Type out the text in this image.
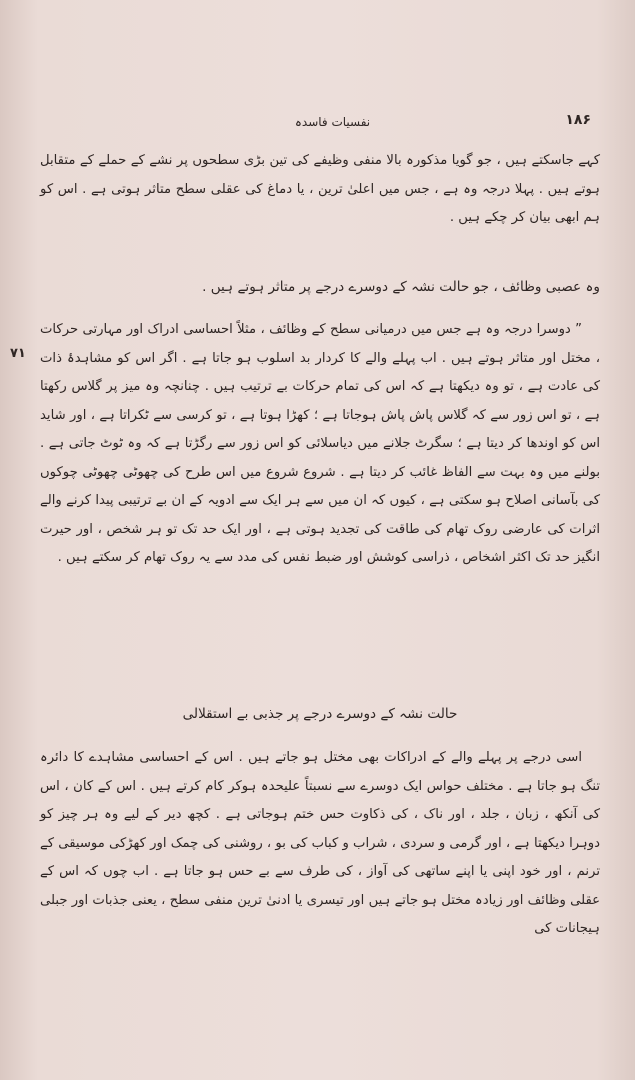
نفسیات فاسدہ	۱۸۶
کہے جاسکتے ہیں ، جو گویا مذکورہ بالا منفی وظیفے کی تین بڑی سطحوں پر نشے کے حملے کے متقابل ہوتے ہیں . پہلا درجہ وہ ہے ، جس میں اعلیٰ ترین ، یا دماغ کی عقلی سطح متاثر ہوتی ہے . اس کو ہم ابھی بیان کر چکے ہیں .
وہ عصبی وظائف ، جو حالت نشہ کے دوسرے درجے پر متاثر ہوتے ہیں .
۷۱
” دوسرا درجہ وہ ہے جس میں درمیانی سطح کے وظائف ، مثلاً احساسی ادراک اور مہارتی حرکات ، مختل اور متاثر ہوتے ہیں . اب پہلے والے کا کردار بد اسلوب ہو جاتا ہے . اگر اس کو مشاہدۂ ذات کی عادت ہے ، تو وہ دیکھتا ہے کہ اس کی تمام حرکات بے ترتیب ہیں . چنانچہ وہ میز پر گلاس رکھتا ہے ، تو اس زور سے کہ گلاس پاش پاش ہوجاتا ہے ؛ کھڑا ہوتا ہے ، تو کرسی سے ٹکراتا ہے ، اور شاید اس کو اوندھا کر دیتا ہے ؛ سگرٹ جلانے میں دیاسلائی کو اس زور سے رگڑتا ہے کہ وہ ٹوٹ جاتی ہے . بولنے میں وہ بہت سے الفاظ غائب کر دیتا ہے . شروع شروع میں اس طرح کی چھوٹی چھوٹی چوکوں کی بآسانی اصلاح ہو سکتی ہے ، کیوں کہ ان میں سے ہر ایک سے ادویہ کے ان بے ترتیبی پیدا کرنے والے اثرات کی عارضی روک تھام کی طاقت کی تجدید ہوتی ہے ، اور ایک حد تک تو ہر شخص ، اور حیرت انگیز حد تک اکثر اشخاص ، ذراسی کوشش اور ضبط نفس کی مدد سے یہ روک تھام کر سکتے ہیں .
حالت نشہ کے دوسرے درجے پر جذبی بے استقلالی
اسی درجے پر پہلے والے کے ادراکات بھی مختل ہو جاتے ہیں . اس کے احساسی مشاہدے کا دائرہ تنگ ہو جاتا ہے . مختلف حواس ایک دوسرے سے نسبتاً علیحدہ ہوکر کام کرتے ہیں . اس کے کان ، اس کی آنکھ ، زبان ، جلد ، اور ناک ، کی ذکاوت حس ختم ہوجاتی ہے . کچھ دیر کے لیے وہ ہر چیز کو دوہرا دیکھتا ہے ، اور گرمی و سردی ، شراب و کباب کی بو ، روشنی کی چمک اور کھڑکی موسیقی کے ترنم ، اور خود اپنی یا اپنے ساتھی کی آواز ، کی طرف سے بے حس ہو جاتا ہے . اب چوں کہ اس کے عقلی وظائف اور زیادہ مختل ہو جاتے ہیں اور تیسری یا ادنیٰ ترین منفی سطح ، یعنی جذبات اور جبلی ہیجانات کی
